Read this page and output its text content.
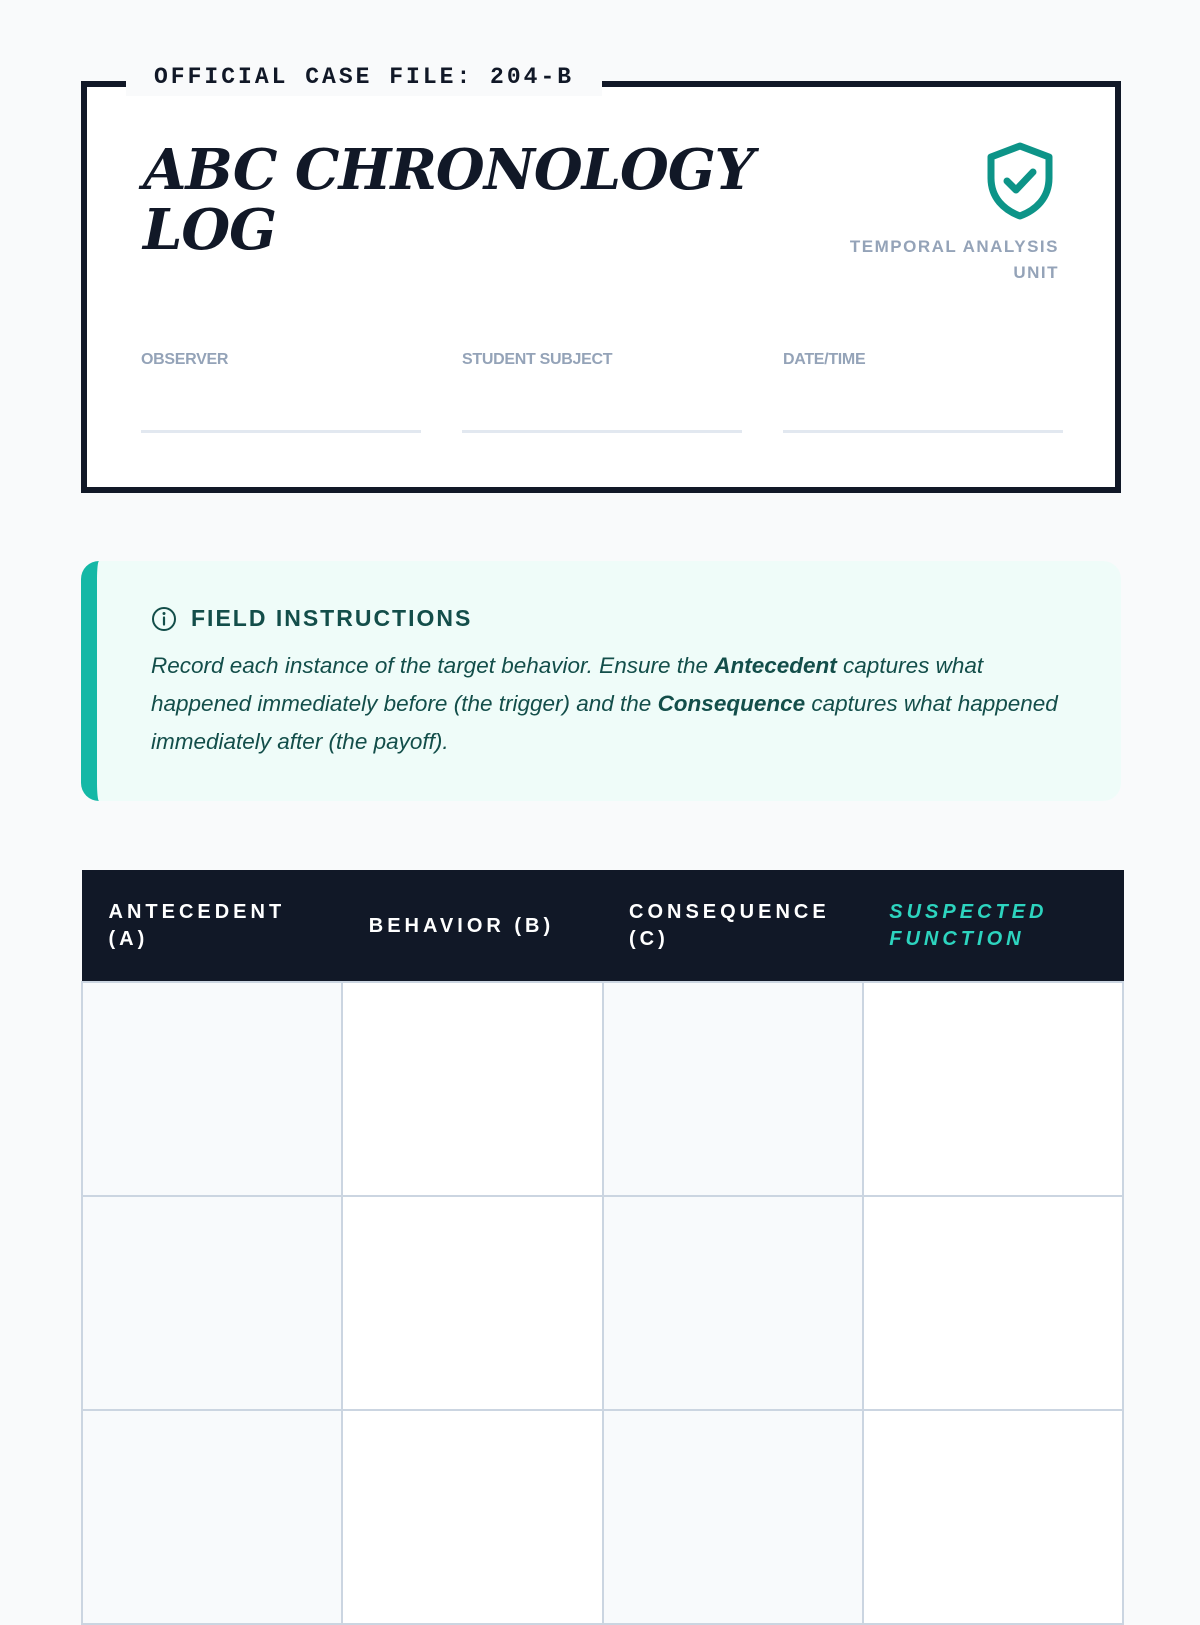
OFFICIAL CASE FILE: 204-B
ABC CHRONOLOGY LOG	TEMPORAL ANALYSIS UNIT
OBSERVER	STUDENT SUBJECT	DATE/TIME
FIELD INSTRUCTIONS

Record each instance of the target behavior. Ensure the Antecedent captures what happened immediately before (the trigger) and the Consequence captures what happened immediately after (the payoff).

ANTECEDENT (A)	BEHAVIOR (B)	CONSEQUENCE (C)	SUSPECTED FUNCTION
